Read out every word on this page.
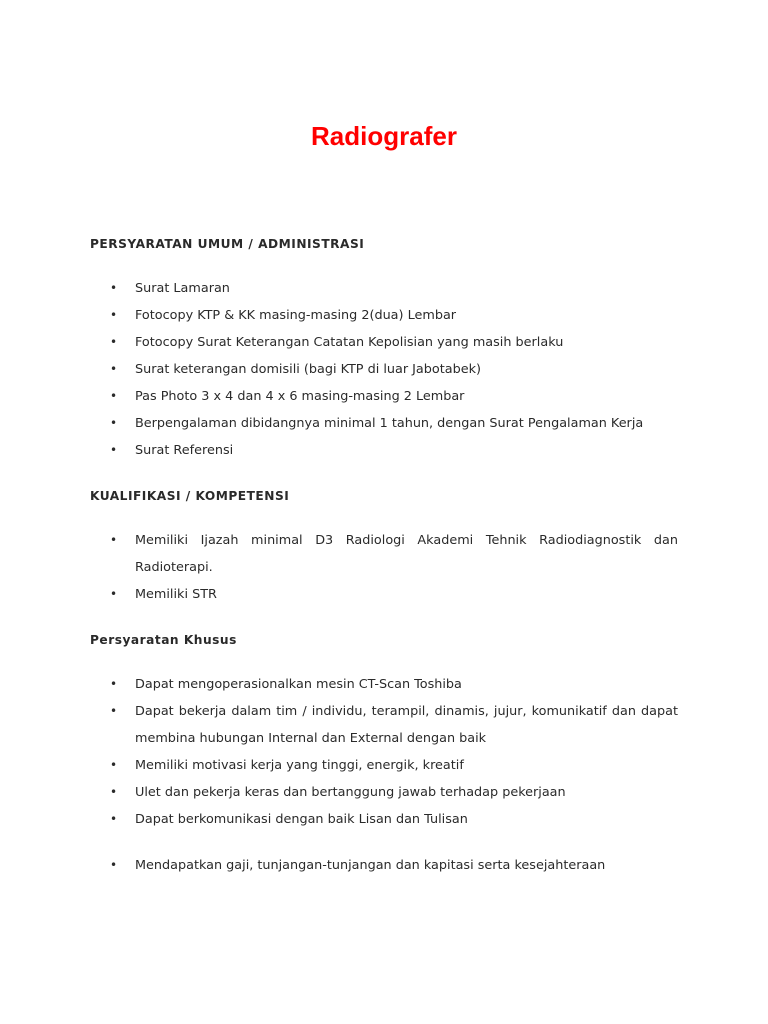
Radiografer
PERSYARATAN UMUM / ADMINISTRASI
• Surat Lamaran
• Fotocopy KTP & KK masing-masing 2(dua) Lembar
• Fotocopy Surat Keterangan Catatan Kepolisian yang masih berlaku
• Surat keterangan domisili (bagi KTP di luar Jabotabek)
• Pas Photo 3 x 4 dan 4 x 6 masing-masing 2 Lembar
• Berpengalaman dibidangnya minimal 1 tahun, dengan Surat Pengalaman Kerja
• Surat Referensi
KUALIFIKASI / KOMPETENSI
• Memiliki Ijazah minimal D3 Radiologi Akademi Tehnik Radiodiagnostik dan Radioterapi.
• Memiliki STR
Persyaratan Khusus
• Dapat mengoperasionalkan mesin CT-Scan Toshiba
• Dapat bekerja dalam tim / individu, terampil, dinamis, jujur, komunikatif dan dapat membina hubungan Internal dan External dengan baik
• Memiliki motivasi kerja yang tinggi, energik, kreatif
• Ulet dan pekerja keras dan bertanggung jawab terhadap pekerjaan
• Dapat berkomunikasi dengan baik Lisan dan Tulisan
• Mendapatkan gaji, tunjangan-tunjangan dan kapitasi serta kesejahteraan
